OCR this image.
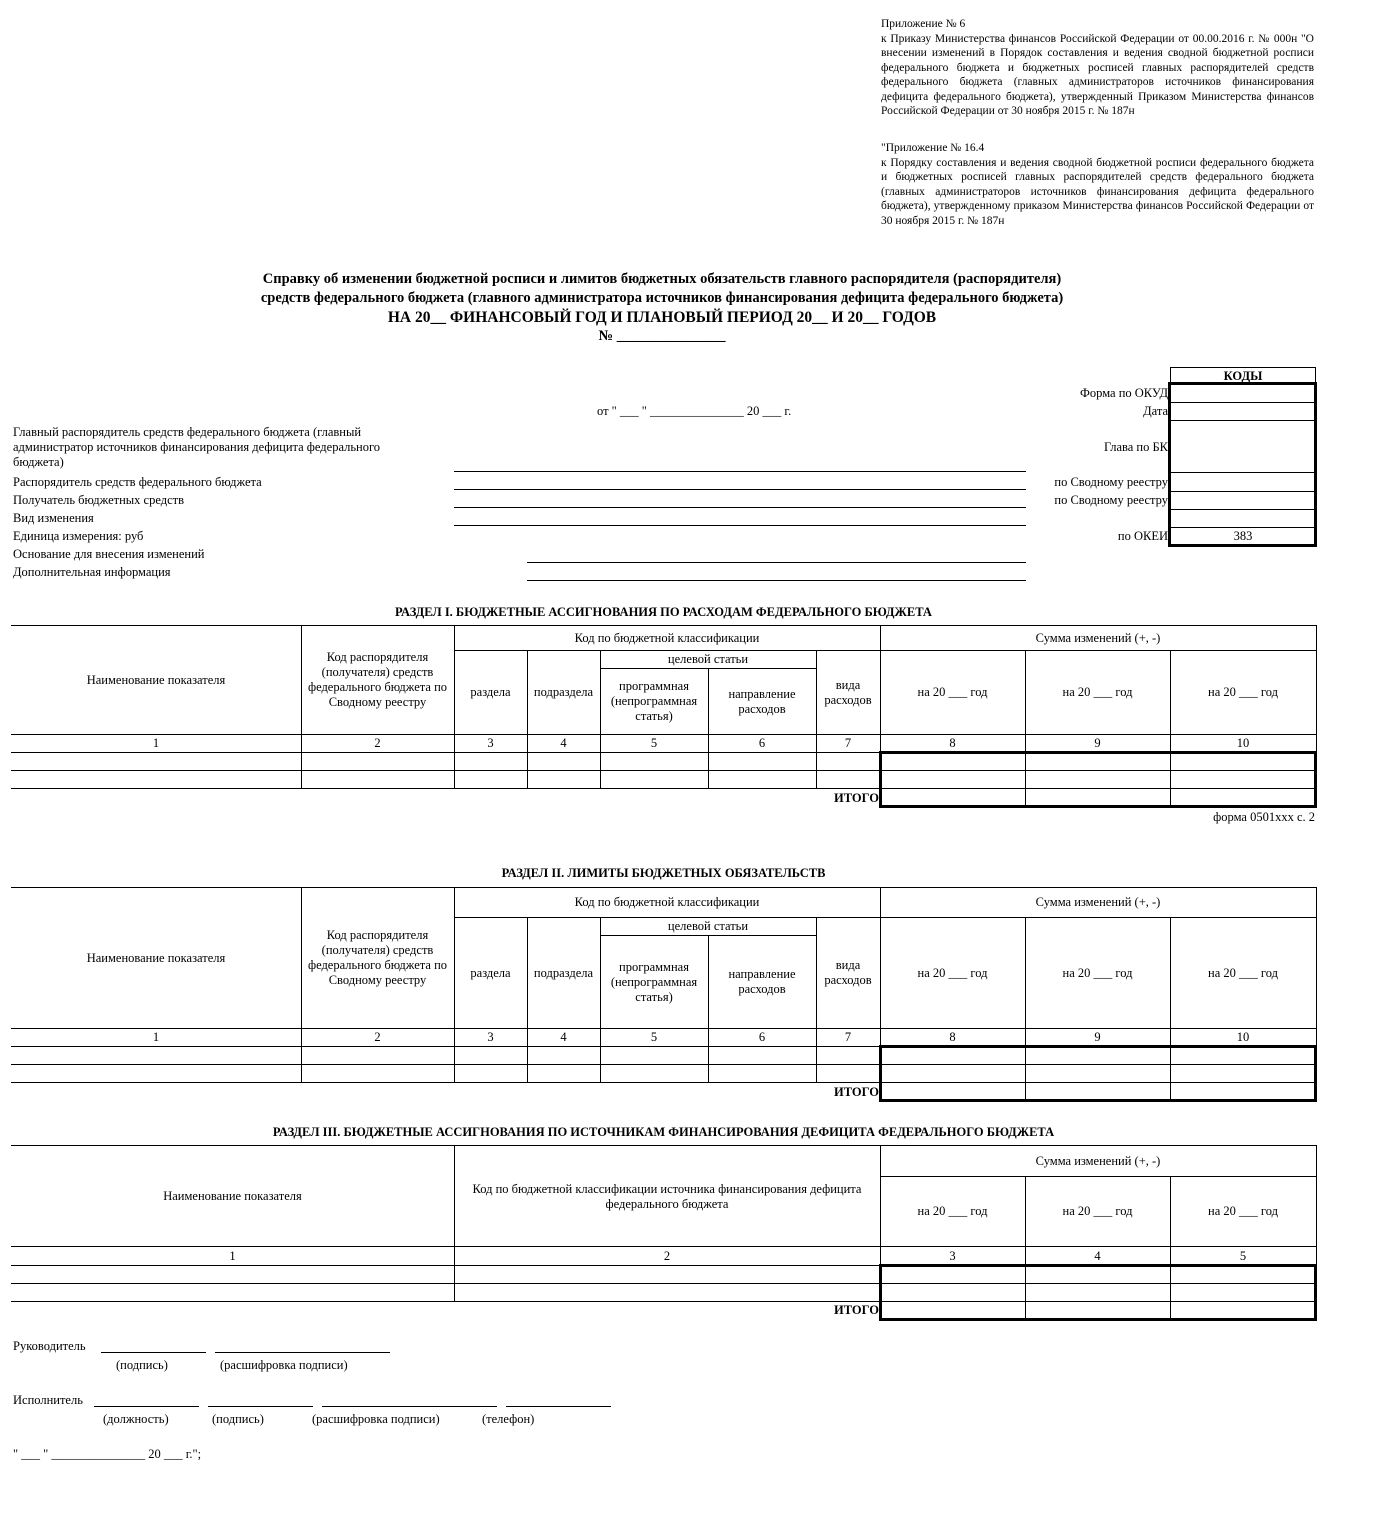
Приложение № 6
к Приказу Министерства финансов Российской Федерации от 00.00.2016 г. № 000н "О внесении изменений в Порядок составления и ведения сводной бюджетной росписи федерального бюджета и бюджетных росписей главных распорядителей средств федерального бюджета (главных администраторов источников финансирования дефицита федерального бюджета), утвержденный Приказом Министерства финансов Российской Федерации от 30 ноября 2015 г. № 187н
"Приложение № 16.4
к Порядку составления и ведения сводной бюджетной росписи федерального бюджета и бюджетных росписей главных распорядителей средств федерального бюджета (главных администраторов источников финансирования дефицита федерального бюджета), утвержденному приказом Министерства финансов Российской Федерации от 30 ноября 2015 г. № 187н
Справку об изменении бюджетной росписи и лимитов бюджетных обязательств главного распорядителя (распорядителя)
средств федерального бюджета (главного администратора источников финансирования дефицита федерального бюджета)
НА 20__ ФИНАНСОВЫЙ ГОД И ПЛАНОВЫЙ ПЕРИОД 20__ И 20__ ГОДОВ
№ _______________
от " ___ " _______________ 20 ___ г.
КОДЫ
Форма по ОКУД
Дата
Глава по БК
по Сводному реестру
по Сводному реестру
по ОКЕИ	383
Главный распорядитель средств федерального бюджета (главный администратор источников финансирования дефицита федерального бюджета)
Распорядитель средств федерального бюджета
Получатель бюджетных средств
Вид изменения
Единица измерения: руб
Основание для внесения изменений
Дополнительная информация
РАЗДЕЛ I. БЮДЖЕТНЫЕ АССИГНОВАНИЯ ПО РАСХОДАМ ФЕДЕРАЛЬНОГО БЮДЖЕТА
Наименование показателя
Код распорядителя (получателя) средств федерального бюджета по Сводному реестру
Код по бюджетной классификации
раздела	подраздела
целевой статьи
программная (непрограммная статья)
направление расходов
вида расходов
Сумма изменений (+, -)
на 20 ___ год	на 20 ___ год	на 20 ___ год
1	2	3	4	5	6	7	8	9	10
ИТОГО
форма 0501xxx с. 2
РАЗДЕЛ II. ЛИМИТЫ БЮДЖЕТНЫХ ОБЯЗАТЕЛЬСТВ
Наименование показателя
Код распорядителя (получателя) средств федерального бюджета по Сводному реестру
Код по бюджетной классификации
раздела	подраздела
целевой статьи
программная (непрограммная статья)
направление расходов
вида расходов
Сумма изменений (+, -)
на 20 ___ год	на 20 ___ год	на 20 ___ год
1	2	3	4	5	6	7	8	9	10
ИТОГО
РАЗДЕЛ III. БЮДЖЕТНЫЕ АССИГНОВАНИЯ ПО ИСТОЧНИКАМ ФИНАНСИРОВАНИЯ ДЕФИЦИТА ФЕДЕРАЛЬНОГО БЮДЖЕТА
Наименование показателя	Код по бюджетной классификации источника финансирования дефицита федерального бюджета
Сумма изменений (+, -)
на 20 ___ год	на 20 ___ год	на 20 ___ год
1	2	3	4	5
ИТОГО
Руководитель
(подпись)	(расшифровка подписи)
Исполнитель
(должность)	(подпись)	(расшифровка подписи)	(телефон)
" ___ " _______________ 20 ___ г.";
